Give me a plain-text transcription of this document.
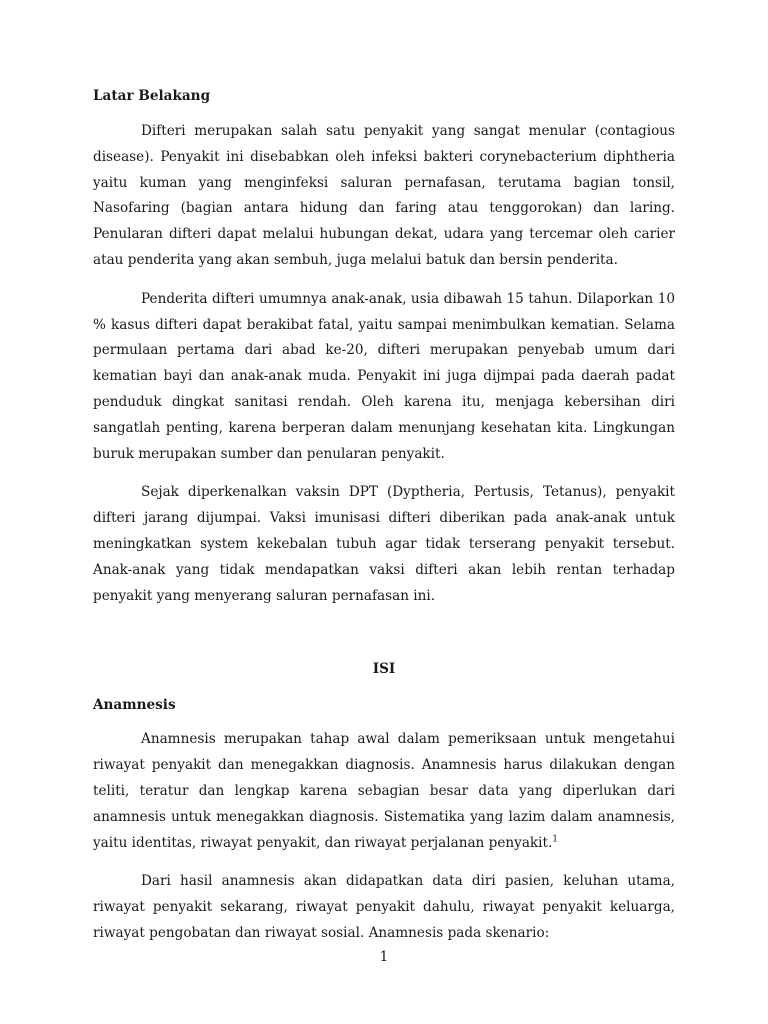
Latar Belakang

Difteri merupakan salah satu penyakit yang sangat menular (contagious disease). Penyakit ini disebabkan oleh infeksi bakteri corynebacterium diphtheria yaitu kuman yang menginfeksi saluran pernafasan, terutama bagian tonsil, Nasofaring (bagian antara hidung dan faring atau tenggorokan) dan laring. Penularan difteri dapat melalui hubungan dekat, udara yang tercemar oleh carier atau penderita yang akan sembuh, juga melalui batuk dan bersin penderita.

Penderita difteri umumnya anak-anak, usia dibawah 15 tahun. Dilaporkan 10 % kasus difteri dapat berakibat fatal, yaitu sampai menimbulkan kematian. Selama permulaan pertama dari abad ke-20, difteri merupakan penyebab umum dari kematian bayi dan anak-anak muda. Penyakit ini juga dijmpai pada daerah padat penduduk dingkat sanitasi rendah. Oleh karena itu, menjaga kebersihan diri sangatlah penting, karena berperan dalam menunjang kesehatan kita. Lingkungan buruk merupakan sumber dan penularan penyakit.

Sejak diperkenalkan vaksin DPT (Dyptheria, Pertusis, Tetanus), penyakit difteri jarang dijumpai. Vaksi imunisasi difteri diberikan pada anak-anak untuk meningkatkan system kekebalan tubuh agar tidak terserang penyakit tersebut. Anak-anak yang tidak mendapatkan vaksi difteri akan lebih rentan terhadap penyakit yang menyerang saluran pernafasan ini.

ISI
Anamnesis

Anamnesis merupakan tahap awal dalam pemeriksaan untuk mengetahui riwayat penyakit dan menegakkan diagnosis. Anamnesis harus dilakukan dengan teliti, teratur dan lengkap karena sebagian besar data yang diperlukan dari anamnesis untuk menegakkan diagnosis. Sistematika yang lazim dalam anamnesis, yaitu identitas, riwayat penyakit, dan riwayat perjalanan penyakit.$^1$

Dari hasil anamnesis akan didapatkan data diri pasien, keluhan utama, riwayat penyakit sekarang, riwayat penyakit dahulu, riwayat penyakit keluarga, riwayat pengobatan dan riwayat sosial. Anamnesis pada skenario:

1
